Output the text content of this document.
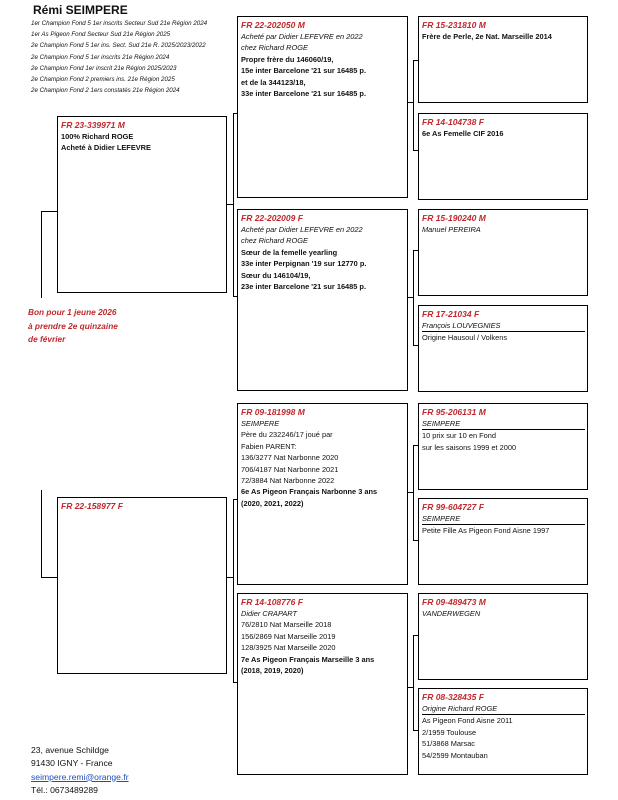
Rémi SEIMPERE
1er Champion Fond 5 1er inscrits Secteur Sud 21e Région 2024
1er As Pigeon Fond Secteur Sud 21e Région 2025
2e Champion Fond 5 1er ins. Sect. Sud 21e R. 2025/2023/2022
2e Champion Fond 5 1er inscrits 21e Région 2024
2e Champion Fond 1er inscrit 21e Région 2025/2023
2e Champion Fond 2 premiers ins. 21e Région 2025
2e Champion Fond 2 1ers constatés 21e Région 2024
Bon pour 1 jeune 2026
à prendre 2e quinzaine
de février
FR 23-339971 M
100% Richard ROGE
Acheté à Didier LEFEVRE
FR 22-158977 F
FR 22-202050 M
Acheté par Didier LEFEVRE en 2022
chez Richard ROGE
Propre frère du 146060/19,
15e inter Barcelone '21 sur 16485 p.
et de la 344123/18,
33e inter Barcelone '21 sur 16485 p.
FR 22-202009 F
Acheté par Didier LEFEVRE en 2022
chez Richard ROGE
Sœur de la femelle yearling
33e inter Perpignan '19 sur 12770 p.
Sœur du 146104/19,
23e inter Barcelone '21 sur 16485 p.
FR 09-181998 M
SEIMPERE
Père du 232246/17 joué par
Fabien PARENT:
136/3277 Nat Narbonne 2020
706/4187 Nat Narbonne 2021
72/3884 Nat Narbonne 2022
6e As Pigeon Français Narbonne 3 ans
(2020, 2021, 2022)
FR 14-108776 F
Didier CRAPART
76/2810 Nat Marseille 2018
156/2869 Nat Marseille 2019
128/3925 Nat Marseille 2020
7e As Pigeon Français Marseille 3 ans
(2018, 2019, 2020)
FR 15-231810 M
Frère de Perle, 2e Nat. Marseille 2014
FR 14-104738 F
6e As Femelle CIF 2016
FR 15-190240 M
Manuel PEREIRA
FR 17-21034 F
François LOUVEGNIES
Origine Hausoul / Volkens
FR 95-206131 M
SEIMPERE
10 prix sur 10 en Fond
sur les saisons 1999 et 2000
FR 99-604727 F
SEIMPERE
Petite Fille As Pigeon Fond Aisne 1997
FR 09-489473 M
VANDERWEGEN
FR 08-328435 F
Origine Richard ROGE
As Pigeon Fond Aisne 2011
2/1959 Toulouse
51/3868 Marsac
54/2599 Montauban
23, avenue Schildge
91430 IGNY - France
seimpere.remi@orange.fr
Tél.: 0673489289
